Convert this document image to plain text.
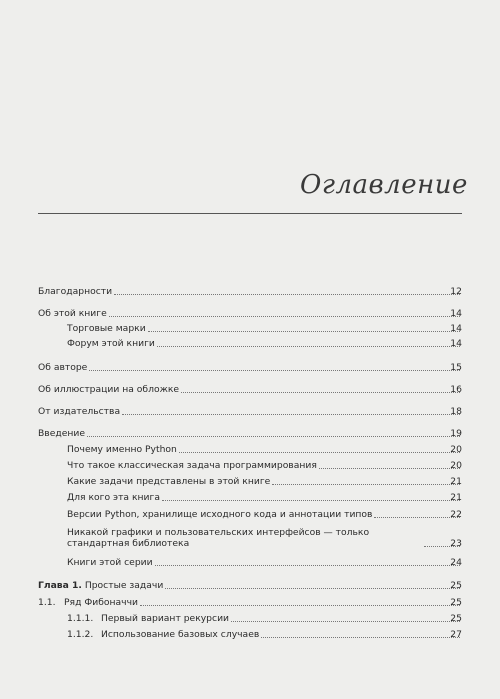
Оглавление
Благодарности	12
Об этой книге	14
Торговые марки	14
Форум этой книги	14
Об авторе	15
Об иллюстрации на обложке	16
От издательства	18
Введение	19
Почему именно Python	20
Что такое классическая задача программирования	20
Какие задачи представлены в этой книге	21
Для кого эта книга	21
Версии Python, хранилище исходного кода и аннотации типов	22
Никакой графики и пользовательских интерфейсов — только стандартная библиотека	23
Книги этой серии	24
Глава 1. Простые задачи	25
1.1. Ряд Фибоначчи	25
1.1.1. Первый вариант рекурсии	25
1.1.2. Использование базовых случаев	27
